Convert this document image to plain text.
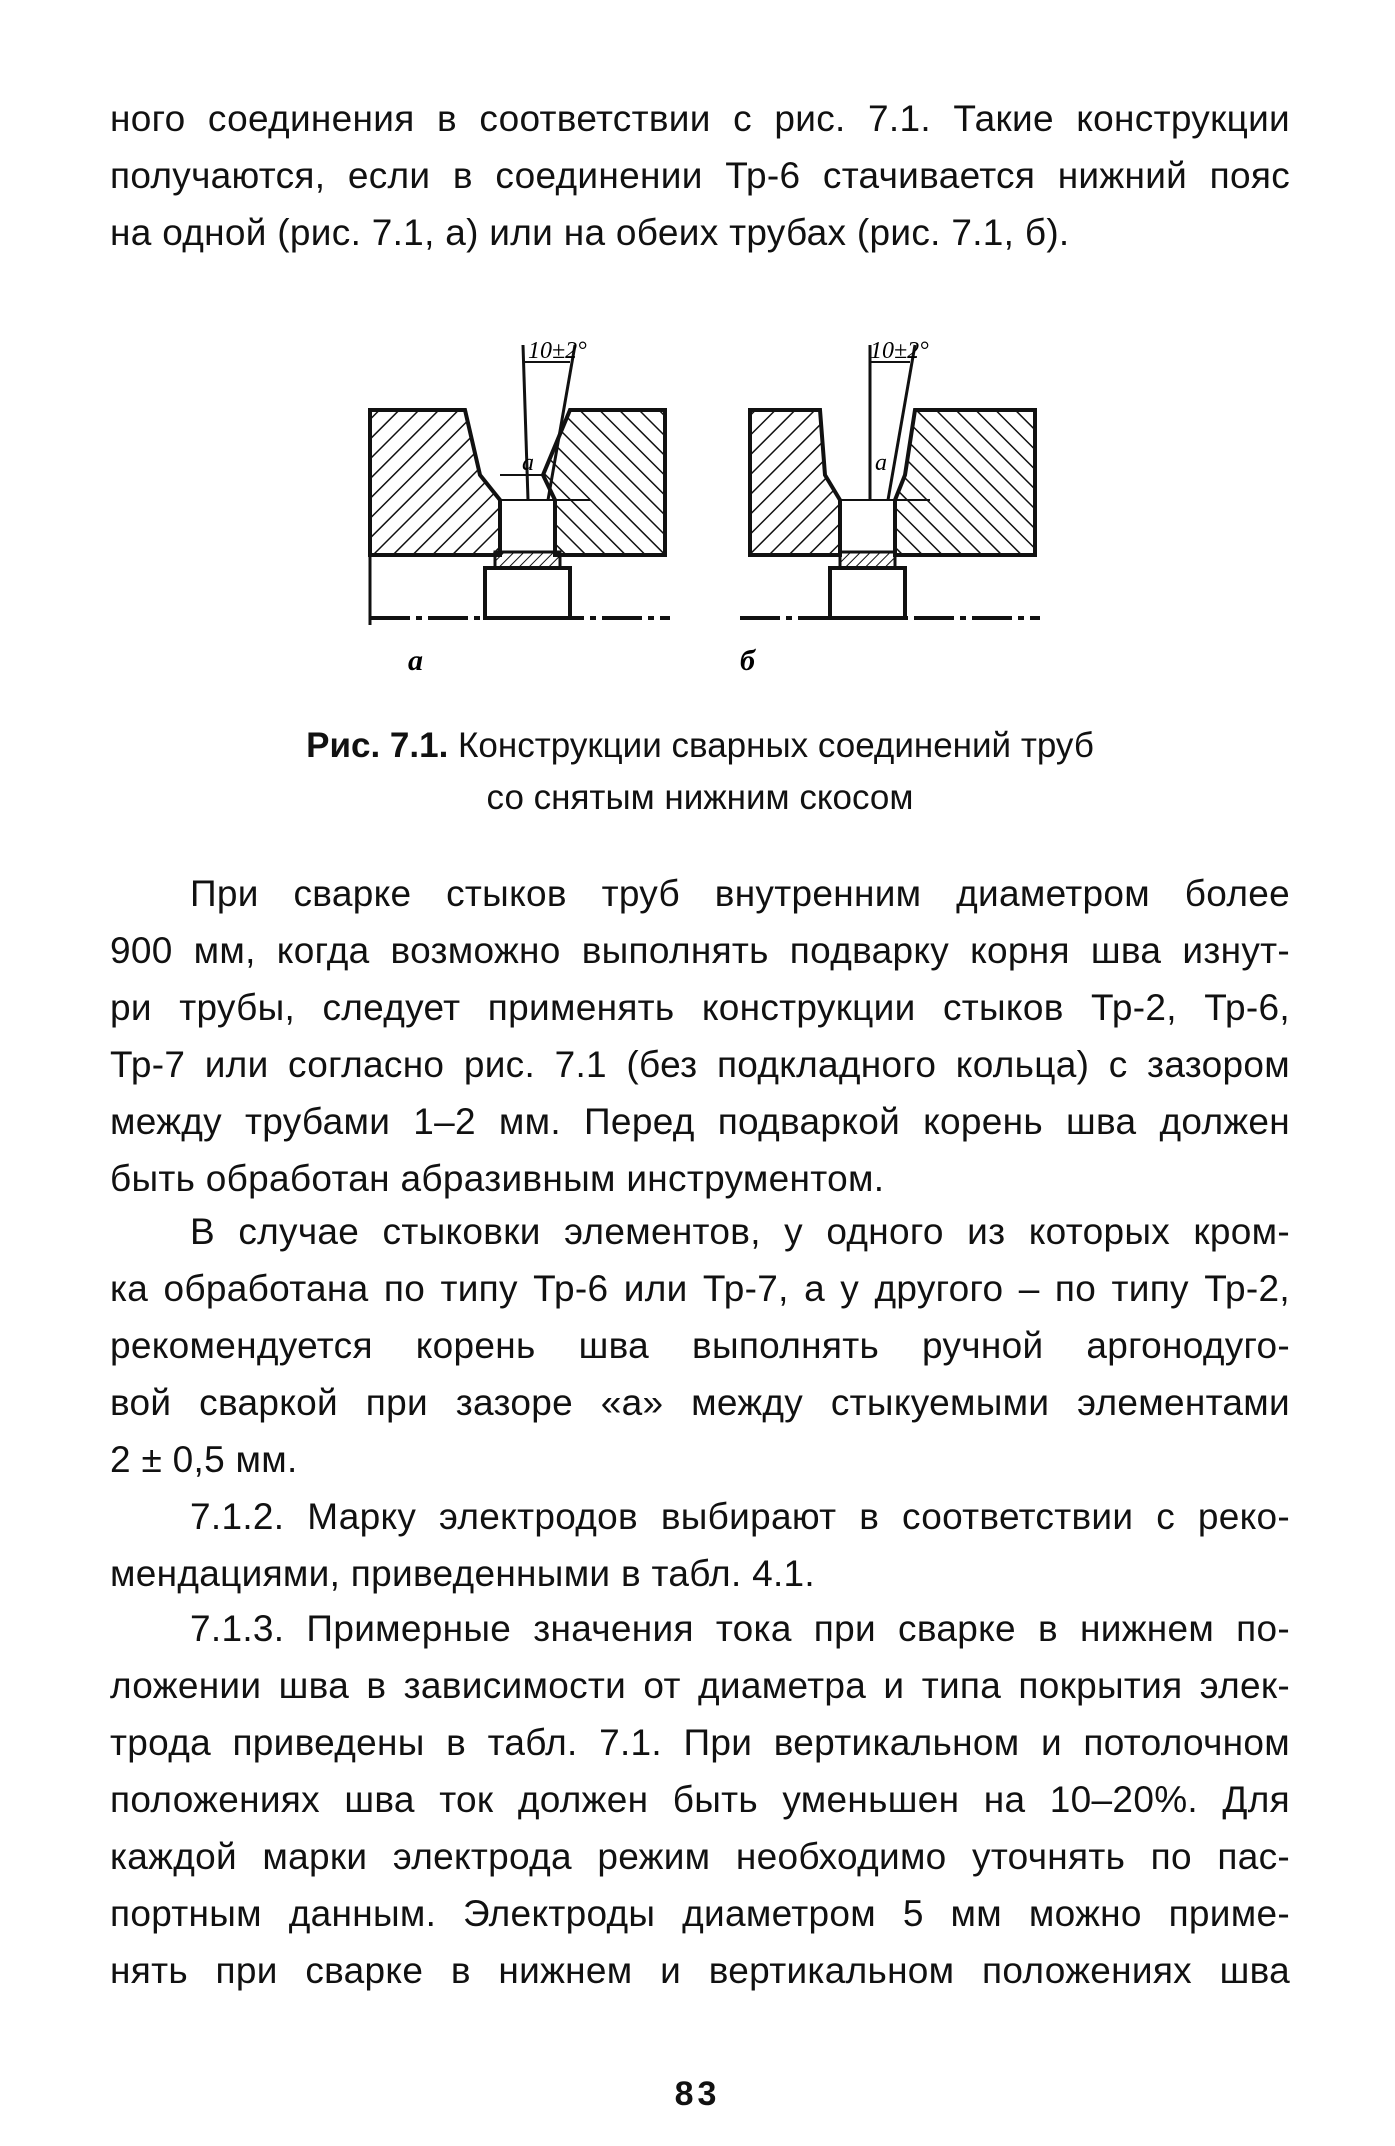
ного соединения в соответствии с рис. 7.1. Такие конструкции
получаются, если в соединении Тр-6 стачивается нижний пояс
на одной (рис. 7.1, а) или на обеих трубах (рис. 7.1, б).
10±2°
а
а
10±2°
а
б
Рис. 7.1. Конструкции сварных соединений труб
со снятым нижним скосом
При сварке стыков труб внутренним диаметром более
900 мм, когда возможно выполнять подварку корня шва изнут-
ри трубы, следует применять конструкции стыков Тр-2, Тр-6,
Тр-7 или согласно рис. 7.1 (без подкладного кольца) с зазором
между трубами 1–2 мм. Перед подваркой корень шва должен
быть обработан абразивным инструментом.
В случае стыковки элементов, у одного из которых кром-
ка обработана по типу Тр-6 или Тр-7, а у другого – по типу Тр-2,
рекомендуется корень шва выполнять ручной аргонодуго-
вой сваркой при зазоре «а» между стыкуемыми элементами
2 ± 0,5 мм.
7.1.2. Марку электродов выбирают в соответствии с реко-
мендациями, приведенными в табл. 4.1.
7.1.3. Примерные значения тока при сварке в нижнем по-
ложении шва в зависимости от диаметра и типа покрытия элек-
трода приведены в табл. 7.1. При вертикальном и потолочном
положениях шва ток должен быть уменьшен на 10–20%. Для
каждой марки электрода режим необходимо уточнять по пас-
портным данным. Электроды диаметром 5 мм можно приме-
нять при сварке в нижнем и вертикальном положениях шва
83
